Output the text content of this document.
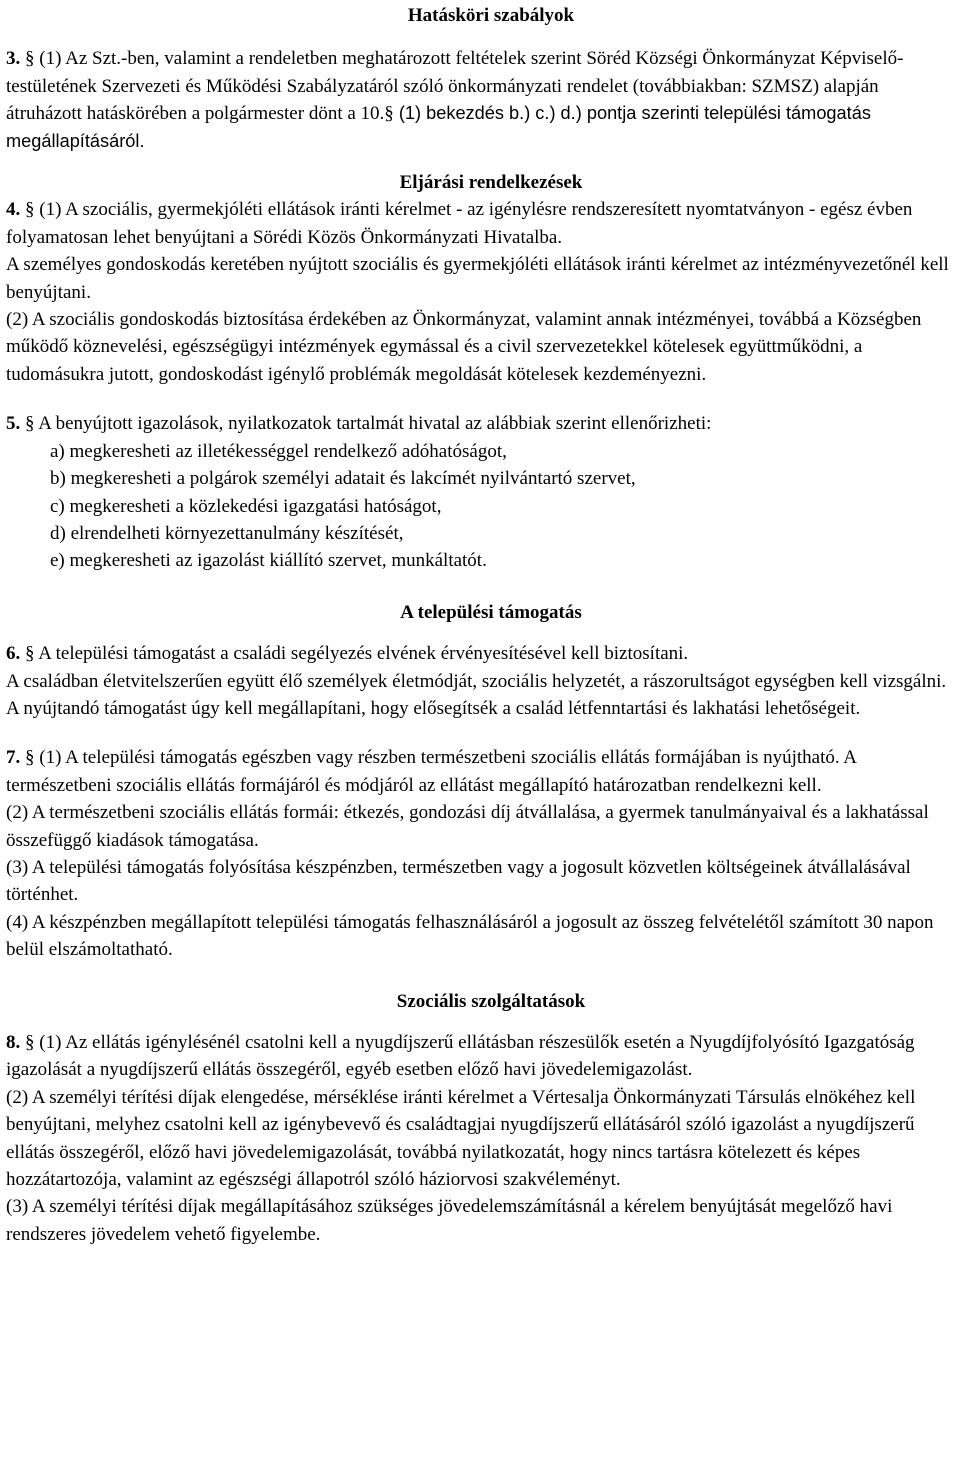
Hatásköri szabályok

3. § (1) Az Szt.-ben, valamint a rendeletben meghatározott feltételek szerint Söréd Községi Önkormányzat Képviselő-testületének Szervezeti és Működési Szabályzatáról szóló önkormányzati rendelet (továbbiakban: SZMSZ) alapján átruházott hatáskörében a polgármester dönt a 10.§ (1) bekezdés b.) c.) d.) pontja szerinti települési támogatás megállapításáról.

Eljárási rendelkezések

4. § (1) A szociális, gyermekjóléti ellátások iránti kérelmet - az igénylésre rendszeresített nyomtatványon - egész évben folyamatosan lehet benyújtani a Sörédi Közös Önkormányzati Hivatalba.

A személyes gondoskodás keretében nyújtott szociális és gyermekjóléti ellátások iránti kérelmet az intézményvezetőnél kell benyújtani.

(2) A szociális gondoskodás biztosítása érdekében az Önkormányzat, valamint annak intézményei, továbbá a Községben működő köznevelési, egészségügyi intézmények egymással és a civil szervezetekkel kötelesek együttműködni, a tudomásukra jutott, gondoskodást igénylő problémák megoldását kötelesek kezdeményezni.

5. § A benyújtott igazolások, nyilatkozatok tartalmát hivatal az alábbiak szerint ellenőrizheti:

a) megkeresheti az illetékességgel rendelkező adóhatóságot,

b) megkeresheti a polgárok személyi adatait és lakcímét nyilvántartó szervet,

c) megkeresheti a közlekedési igazgatási hatóságot,

d) elrendelheti környezettanulmány készítését,

e) megkeresheti az igazolást kiállító szervet, munkáltatót.

A települési támogatás

6. § A települési támogatást a családi segélyezés elvének érvényesítésével kell biztosítani.

A családban életvitelszerűen együtt élő személyek életmódját, szociális helyzetét, a rászorultságot egységben kell vizsgálni. A nyújtandó támogatást úgy kell megállapítani, hogy elősegítsék a család létfenntartási és lakhatási lehetőségeit.

7. § (1) A települési támogatás egészben vagy részben természetbeni szociális ellátás formájában is nyújtható. A természetbeni szociális ellátás formájáról és módjáról az ellátást megállapító határozatban rendelkezni kell.

(2) A természetbeni szociális ellátás formái: étkezés, gondozási díj átvállalása, a gyermek tanulmányaival és a lakhatással összefüggő kiadások támogatása.

(3) A települési támogatás folyósítása készpénzben, természetben vagy a jogosult közvetlen költségeinek átvállalásával történhet.

(4) A készpénzben megállapított települési támogatás felhasználásáról a jogosult az összeg felvételétől számított 30 napon belül elszámoltatható.

Szociális szolgáltatások

8. § (1) Az ellátás igénylésénél csatolni kell a nyugdíjszerű ellátásban részesülők esetén a Nyugdíjfolyósító Igazgatóság igazolását a nyugdíjszerű ellátás összegéről, egyéb esetben előző havi jövedelemigazolást.

(2) A személyi térítési díjak elengedése, mérséklése iránti kérelmet a Vértesalja Önkormányzati Társulás elnökéhez kell benyújtani, melyhez csatolni kell az igénybevevő és családtagjai nyugdíjszerű ellátásáról szóló igazolást a nyugdíjszerű ellátás összegéről, előző havi jövedelemigazolását, továbbá nyilatkozatát, hogy nincs tartásra kötelezett és képes hozzátartozója, valamint az egészségi állapotról szóló háziorvosi szakvéleményt.

(3) A személyi térítési díjak megállapításához szükséges jövedelemszámításnál a kérelem benyújtását megelőző havi rendszeres jövedelem vehető figyelembe.
